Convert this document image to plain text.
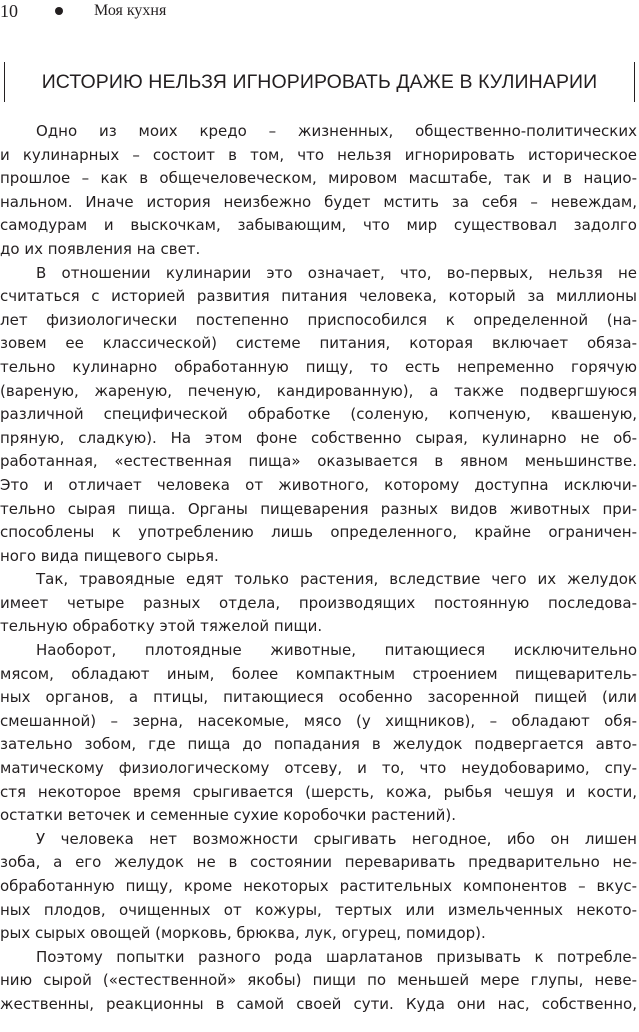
10	Моя кухня
ИСТОРИЮ НЕЛЬЗЯ ИГНОРИРОВАТЬ ДАЖЕ В КУЛИНАРИИ
Одно из моих кредо – жизненных, общественно-политических
и кулинарных – состоит в том, что нельзя игнорировать историческое
прошлое – как в общечеловеческом, мировом масштабе, так и в нацио-
нальном. Иначе история неизбежно будет мстить за себя – невеждам,
самодурам и выскочкам, забывающим, что мир существовал задолго
до их появления на свет.
В отношении кулинарии это означает, что, во-первых, нельзя не
считаться с историей развития питания человека, который за миллионы
лет физиологически постепенно приспособился к определенной (на-
зовем ее классической) системе питания, которая включает обяза-
тельно кулинарно обработанную пищу, то есть непременно горячую
(вареную, жареную, печеную, кандированную), а также подвергшуюся
различной специфической обработке (соленую, копченую, квашеную,
пряную, сладкую). На этом фоне собственно сырая, кулинарно не об-
работанная, «естественная пища» оказывается в явном меньшинстве.
Это и отличает человека от животного, которому доступна исключи-
тельно сырая пища. Органы пищеварения разных видов животных при-
способлены к употреблению лишь определенного, крайне ограничен-
ного вида пищевого сырья.
Так, травоядные едят только растения, вследствие чего их желудок
имеет четыре разных отдела, производящих постоянную последова-
тельную обработку этой тяжелой пищи.
Наоборот, плотоядные животные, питающиеся исключительно
мясом, обладают иным, более компактным строением пищеваритель-
ных органов, а птицы, питающиеся особенно засоренной пищей (или
смешанной) – зерна, насекомые, мясо (у хищников), – обладают обя-
зательно зобом, где пища до попадания в желудок подвергается авто-
матическому физиологическому отсеву, и то, что неудобоваримо, спу-
стя некоторое время срыгивается (шерсть, кожа, рыбья чешуя и кости,
остатки веточек и семенные сухие коробочки растений).
У человека нет возможности срыгивать негодное, ибо он лишен
зоба, а его желудок не в состоянии переваривать предварительно не-
обработанную пищу, кроме некоторых растительных компонентов – вкус-
ных плодов, очищенных от кожуры, тертых или измельченных некото-
рых сырых овощей (морковь, брюква, лук, огурец, помидор).
Поэтому попытки разного рода шарлатанов призывать к потребле-
нию сырой («естественной» якобы) пищи по меньшей мере глупы, неве-
жественны, реакционны в самой своей сути. Куда они нас, собственно,
